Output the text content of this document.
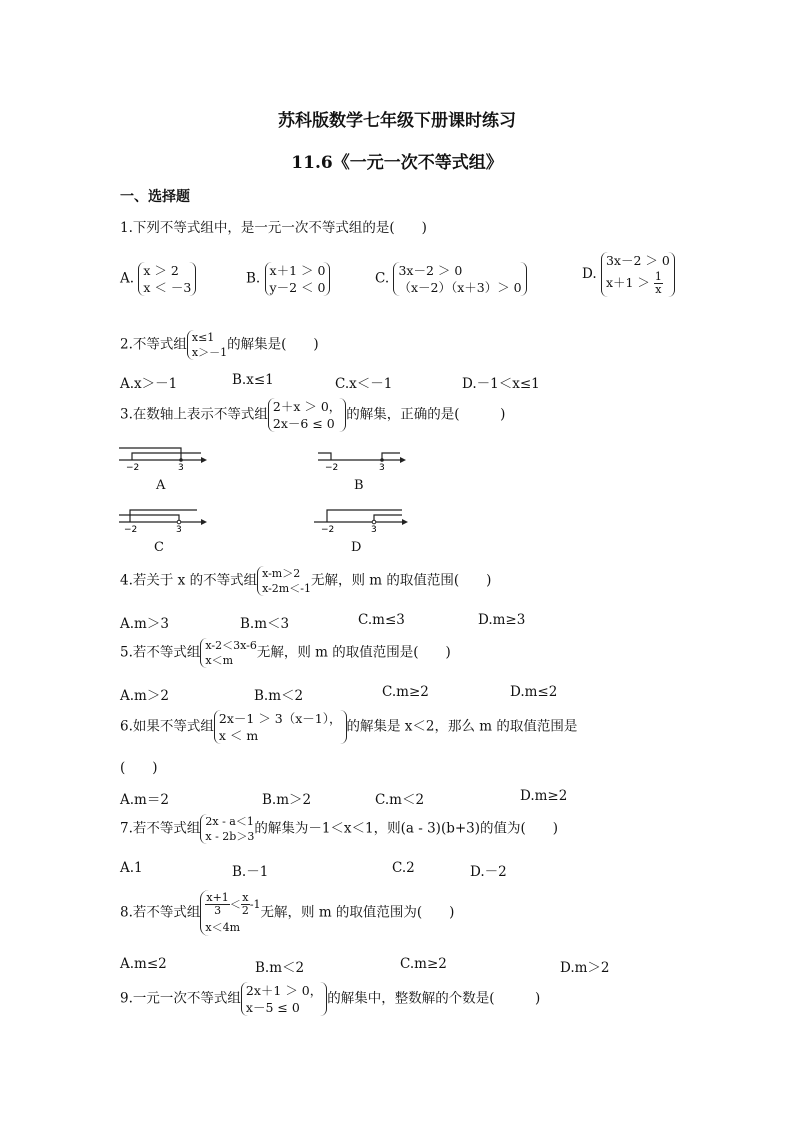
苏科版数学七年级下册课时练习
11.6《一元一次不等式组》
一、选择题
1.下列不等式组中，是一元一次不等式组的是(　　)
A. x ＞ 2
x ＜ －3
B. x＋1 ＞ 0
y－2 ＜ 0
C. 3x－2 ＞ 0
（x－2）（x＋3）＞ 0
D.
3x－2 ＞ 0
$x+1 > \frac{1}{x}$
2.不等式组 x≤1
x＞－1 的解集是(　　)
A.x＞－1	B.x≤1	C.x＜－1	D.－1＜x≤1
3.在数轴上表示不等式组 2＋x ＞ 0，
2x－6 ≤ 0
的解集，正确的是(　　　)
−2	3
A
−2	3
B
−2	3
C
−2	3
D
4.若关于 x 的不等式组 x-m＞2
x-2m＜-1 无解，则 m 的取值范围(　　)
A.m＞3	B.m＜3	C.m≤3	D.m≥3
5.若不等式组 x-2＜3x-6
x＜m	无解，则 m 的取值范围是(　　)
A.m＞2	B.m＜2	C.m≥2	D.m≤2
6.如果不等式组 2x－1 ＞ 3（x－1），
x ＜ m
的解集是 x＜2，那么 m 的取值范围是
(　　)
A.m＝2	B.m＞2	C.m＜2	D.m≥2
7.若不等式组 2x - a＜1
x - 2b＞3 的解集为－1＜x＜1，则(a - 3)(b+3)的值为(　　)
A.1	B.－1	C.2	D.－2
8.若不等式组 $\frac{x+1}{3} < \frac{x}{2} -1$
x＜4m
无解，则 m 的取值范围为(　　)
A.m≤2	B.m＜2	C.m≥2	D.m＞2
9.一元一次不等式组 2x＋1 ＞ 0，
x－5 ≤ 0
的解集中，整数解的个数是(　　　)
